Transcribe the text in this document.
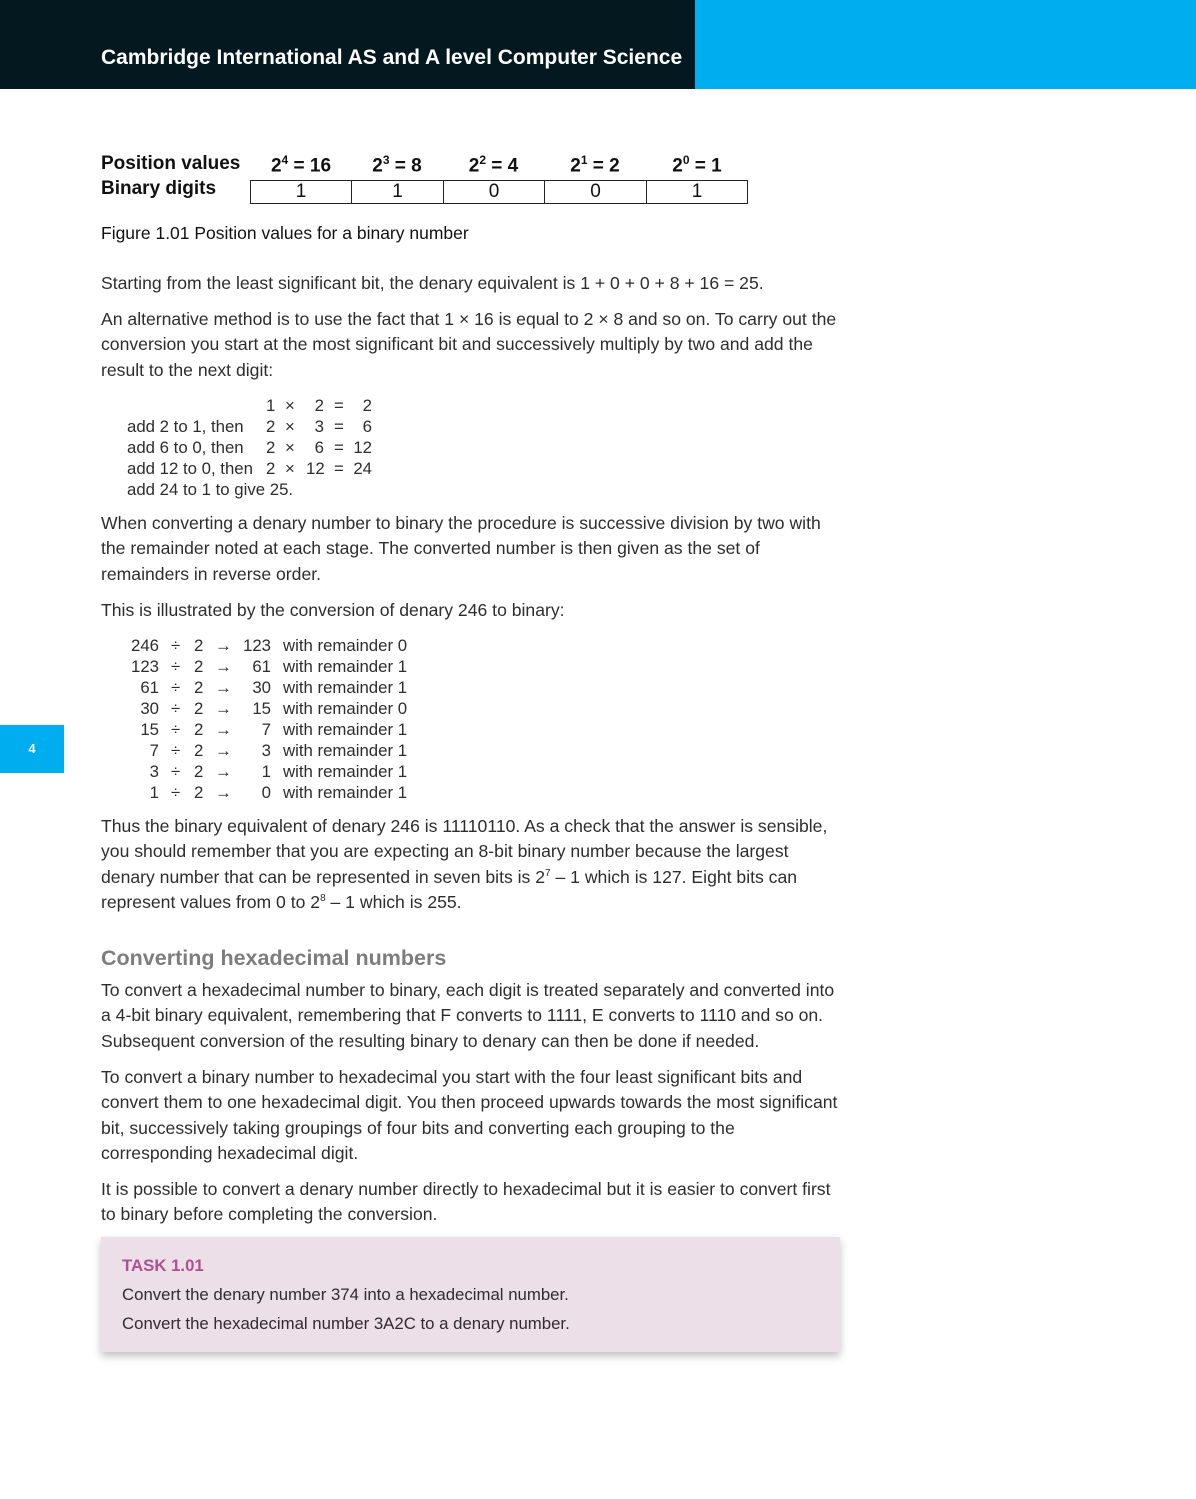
Cambridge International AS and A level Computer Science
Position values
Binary digits
$2^4 = 16$	$2^3 = 8$	$2^2 = 4$	$2^1 = 2$	$2^0 = 1$
1	1	0	0	1
Figure 1.01 Position values for a binary number

Starting from the least significant bit, the denary equivalent is 1 + 0 + 0 + 8 + 16 = 25.

An alternative method is to use the fact that 1 × 16 is equal to 2 × 8 and so on. To carry out the conversion you start at the most significant bit and successively multiply by two and add the result to the next digit:

1 ×	2 =	2
add 2 to 1, then 2 ×	3 =	6
add 6 to 0, then 2 ×	6 = 12
add 12 to 0, then 2 × 12 = 24
add 24 to 1 to give 25.

When converting a denary number to binary the procedure is successive division by two with the remainder noted at each stage. The converted number is then given as the set of remainders in reverse order.

This is illustrated by the conversion of denary 246 to binary:

246 ÷ 2 → 123 with remainder 0
123 ÷ 2 →	61 with remainder 1
61 ÷ 2 →	30 with remainder 1
30 ÷ 2 →	15 with remainder 0
15 ÷ 2 →	7 with remainder 1
7 ÷ 2 →	3 with remainder 1
3 ÷ 2 →	1 with remainder 1
1 ÷ 2 →	0 with remainder 1
4

Thus the binary equivalent of denary 246 is 11110110. As a check that the answer is sensible, you should remember that you are expecting an 8-bit binary number because the largest denary number that can be represented in seven bits is $2^7 - 1$ which is 127. Eight bits can represent values from 0 to $2^8 - 1$ which is 255.

Converting hexadecimal numbers

To convert a hexadecimal number to binary, each digit is treated separately and converted into a 4-bit binary equivalent, remembering that F converts to 1111, E converts to 1110 and so on. Subsequent conversion of the resulting binary to denary can then be done if needed.

To convert a binary number to hexadecimal you start with the four least significant bits and convert them to one hexadecimal digit. You then proceed upwards towards the most significant bit, successively taking groupings of four bits and converting each grouping to the corresponding hexadecimal digit.

It is possible to convert a denary number directly to hexadecimal but it is easier to convert first to binary before completing the conversion.

TASK 1.01
Convert the denary number 374 into a hexadecimal number.
Convert the hexadecimal number 3A2C to a denary number.
